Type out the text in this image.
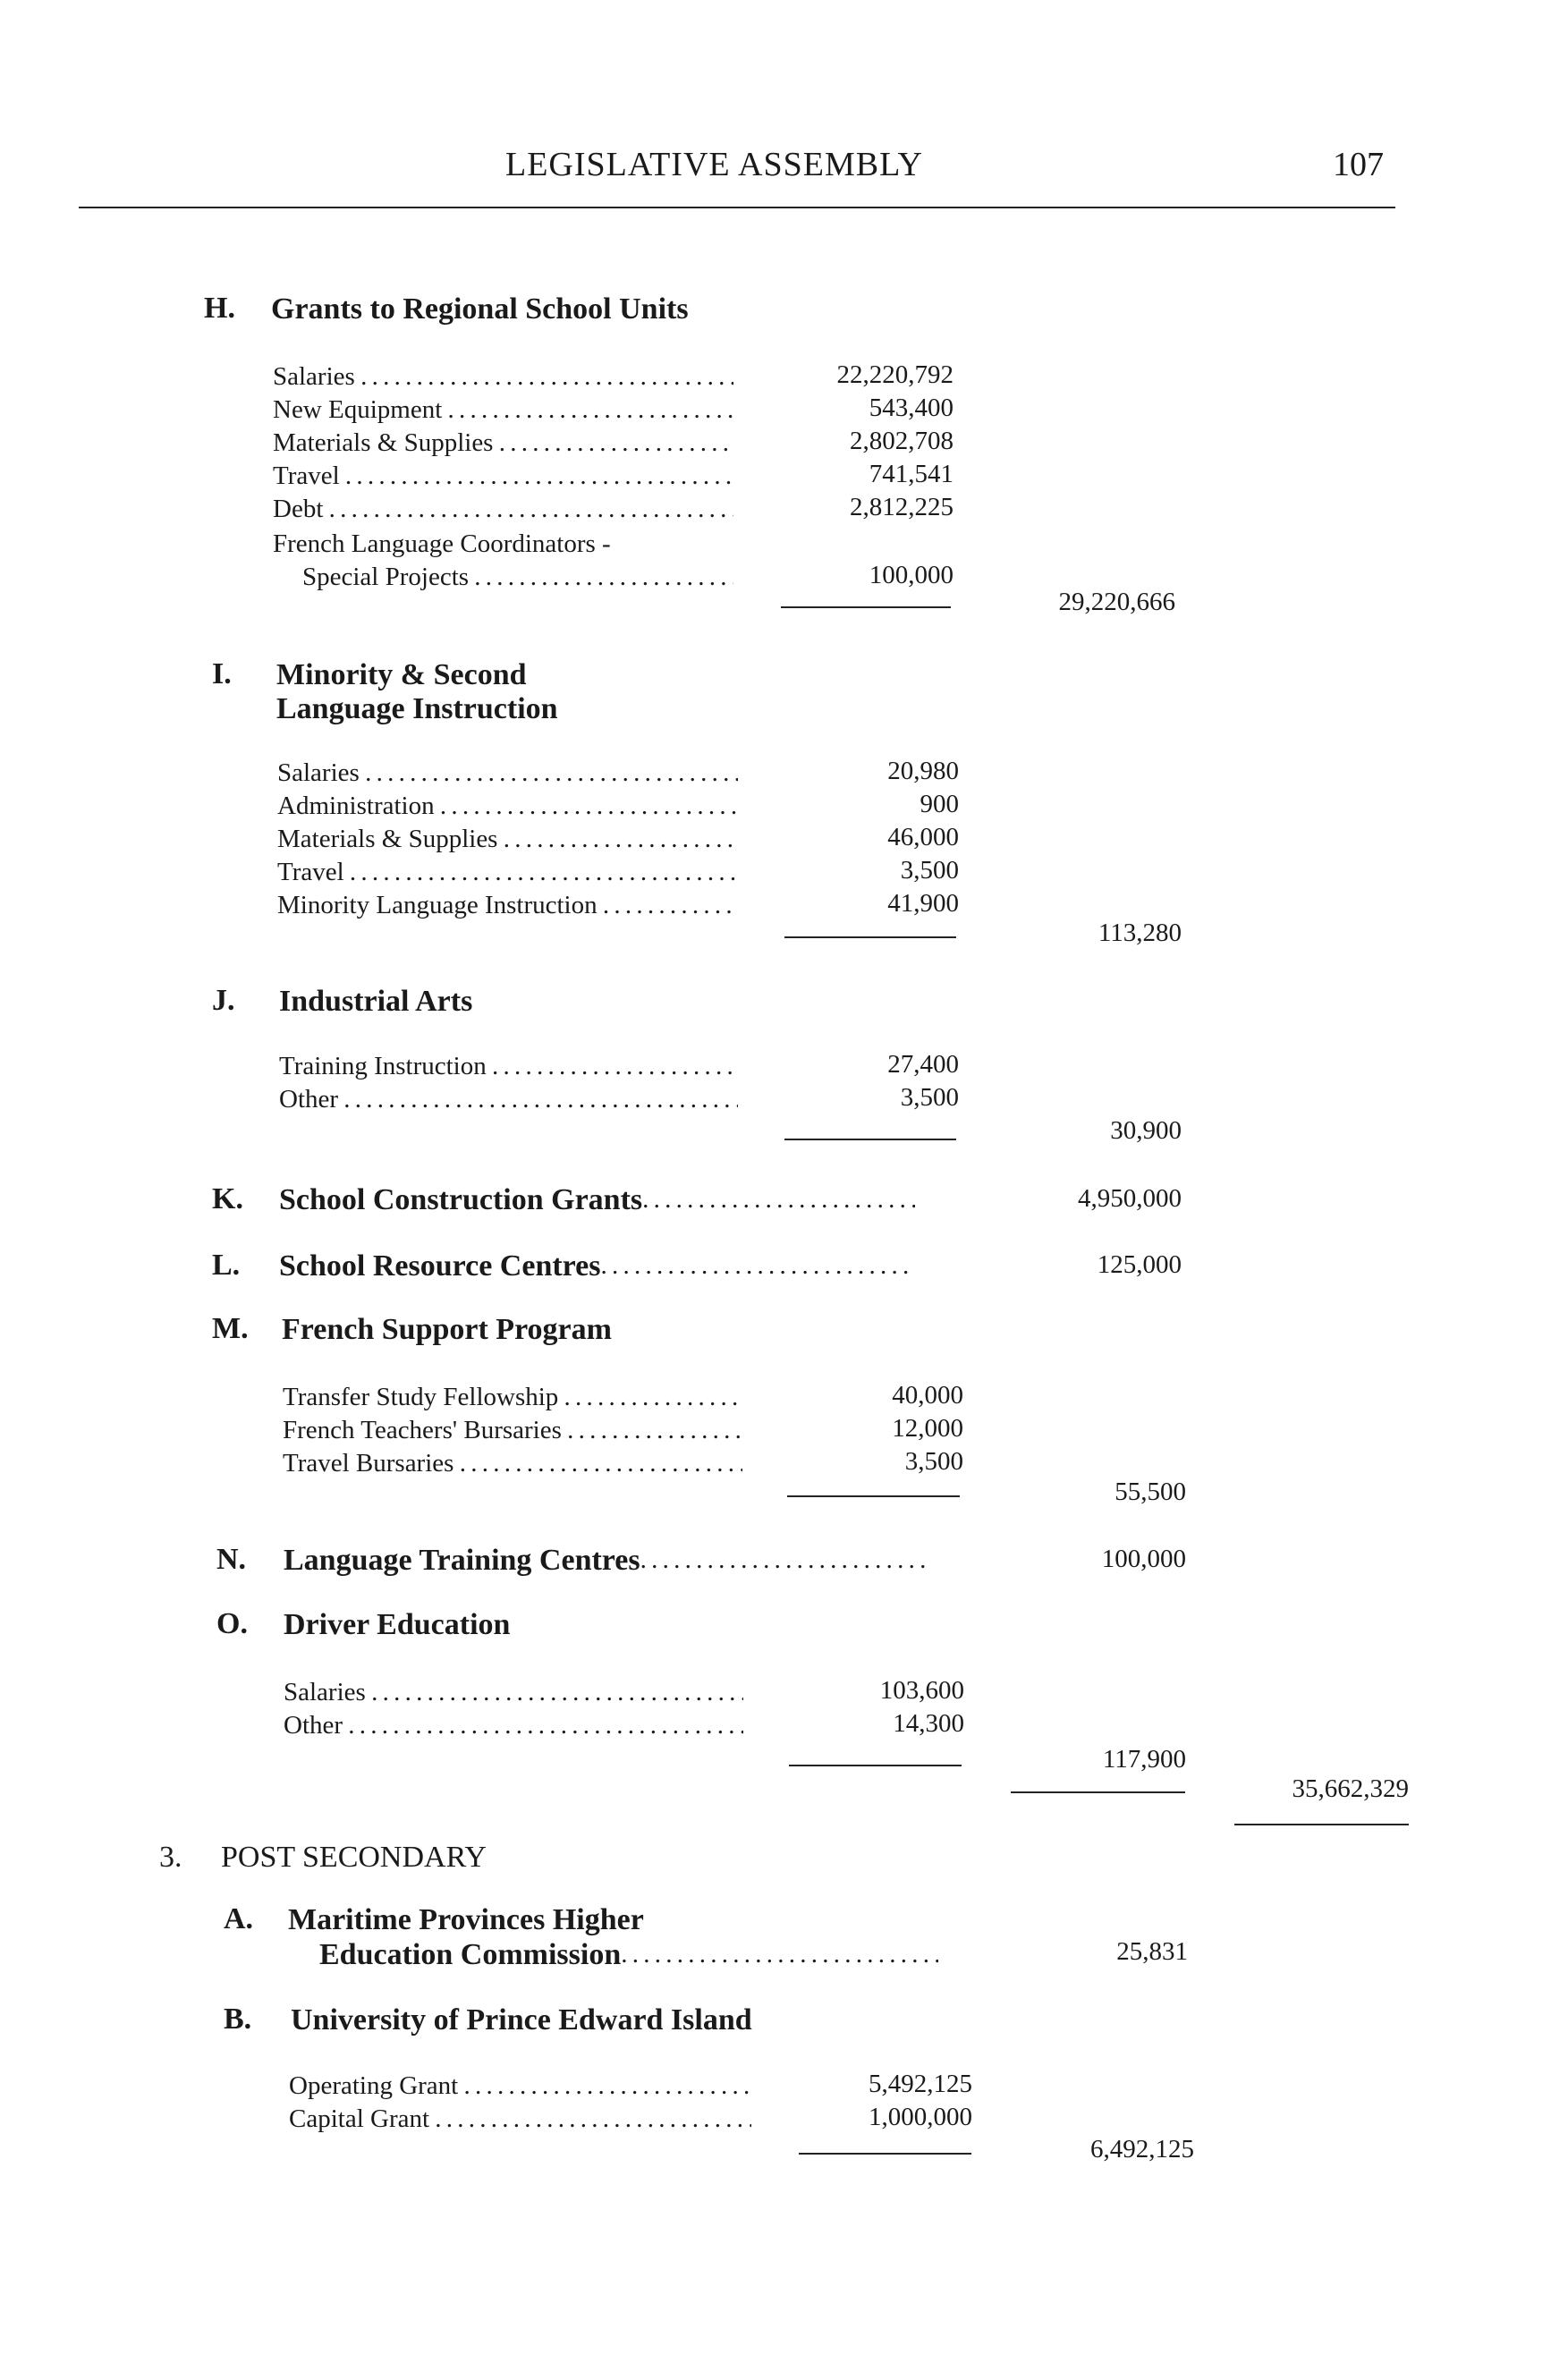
LEGISLATIVE ASSEMBLY	107
H. Grants to Regional School Units
Salaries . . .	22,220,792
New Equipment . . .	543,400
Materials & Supplies . . .	2,802,708
Travel . . .	741,541
Debt . . .	2,812,225
French Language Coordinators -
Special Projects . . .	100,000
29,220,666
I. Minority & Second
Language Instruction
Salaries . . .	20,980
Administration . . .	900
Materials & Supplies . . .	46,000
Travel . . .	3,500
Minority Language Instruction . . .	41,900
113,280
J. Industrial Arts
Training Instruction . . .	27,400
Other . . .	3,500
30,900
K. School Construction Grants . . .	4,950,000
L. School Resource Centres . . .	125,000
M. French Support Program
Transfer Study Fellowship . . .	40,000
French Teachers' Bursaries . . .	12,000
Travel Bursaries . . .	3,500
55,500
N. Language Training Centres . . .	100,000
O. Driver Education
Salaries . . .	103,600
Other . . .	14,300
117,900
35,662,329
3. POST SECONDARY
A. Maritime Provinces Higher
Education Commission . . .	25,831
B. University of Prince Edward Island
Operating Grant . . .	5,492,125
Capital Grant . . .	1,000,000
6,492,125
